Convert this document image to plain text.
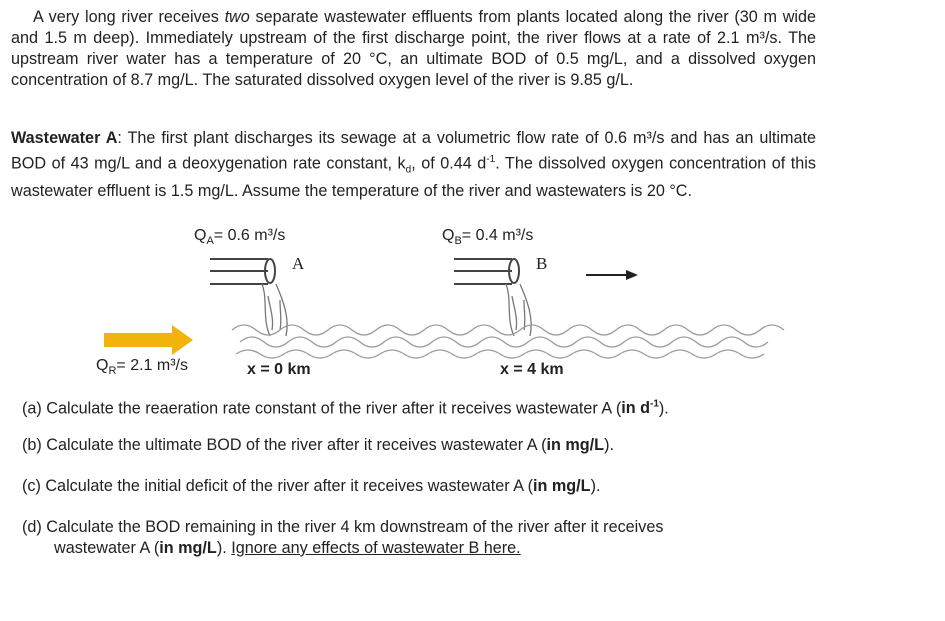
A very long river receives two separate wastewater effluents from plants located along the river (30 m wide and 1.5 m deep). Immediately upstream of the first discharge point, the river flows at a rate of 2.1 m³/s. The upstream river water has a temperature of 20 °C, an ultimate BOD of 0.5 mg/L, and a dissolved oxygen concentration of 8.7 mg/L. The saturated dissolved oxygen level of the river is 9.85 g/L.

Wastewater A: The first plant discharges its sewage at a volumetric flow rate of 0.6 m³/s and has an ultimate BOD of 43 mg/L and a deoxygenation rate constant, $k_d$, of 0.44 $d^{-1}$. The dissolved oxygen concentration of this wastewater effluent is 1.5 mg/L. Assume the temperature of the river and wastewaters is 20 °C.

$Q_A= 0.6$ m³/s	$Q_B= 0.4$ m³/s
A	B
$Q_R= 2.1$ m³/s	x = 0 km	x = 4 km

(a) Calculate the reaeration rate constant of the river after it receives wastewater A (in $d^{-1}$).

(b) Calculate the ultimate BOD of the river after it receives wastewater A (in mg/L).

(c) Calculate the initial deficit of the river after it receives wastewater A (in mg/L).

(d) Calculate the BOD remaining in the river 4 km downstream of the river after it receives
wastewater A (in mg/L). Ignore any effects of wastewater B here.
